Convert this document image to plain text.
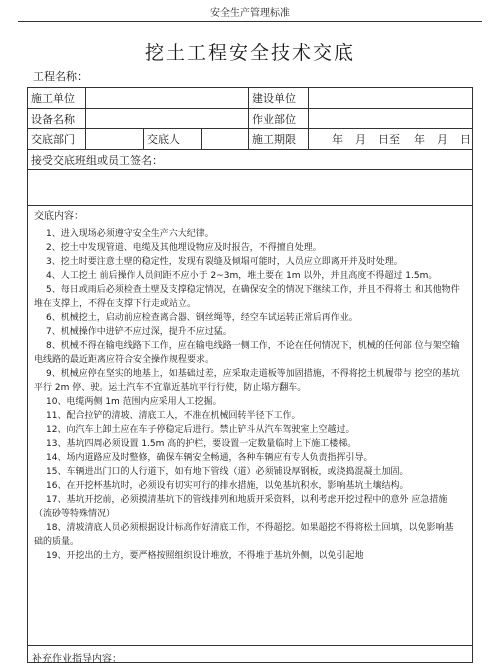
安全生产管理标准
挖土工程安全技术交底
工程名称：
施工单位	建设单位
设备名称	作业部位
交底部门	交底人	施工期限	年 月 日至 年 月 日
接受交底班组或员工签名：
交底内容：

1、进入现场必须遵守安全生产六大纪律。

2、挖土中发现管道、电缆及其他埋设物应及时报告，不得擅自处理。

3、挖土时要注意土壁的稳定性，发现有裂缝及倾塌可能时，人员应立即离开并及时处理。

4、人工挖土 前后操作人员间距不应小于 2~3m，堆土要在 1m 以外，并且高度不得超过 1.5m。

5、每日或雨后必须检查土壁及支撑稳定情况，在确保安全的情况下继续工作，并且不得将土 和其他物件堆在支撑上，不得在支撑下行走或站立。

6、机械挖土，启动前应检查离合器、钢丝绳等，经空车试运转正常后再作业。

7、机械操作中进铲不应过深，提升不应过猛。

8、机械不得在输电线路下工作，应在输电线路一侧工作，不论在任何情况下，机械的任何部 位与架空输电线路的最近距离应符合安全操作规程要求。

9、机械应停在坚实的地基上，如基础过差，应采取走道板等加固措施，不得将挖土机履带与 挖空的基坑平行 2m 停、驶。运土汽车不宜靠近基坑平行行使，防止塌方翻车。

10、电缆两侧 1m 范围内应采用人工挖掘。

11、配合拉铲的清坡、清底工人，不准在机械回转半径下工作。

12、向汽车上卸土应在车子停稳定后进行。禁止铲斗从汽车驾驶室上空越过。

13、基坑四周必须设置 1.5m 高的护栏，要设置一定数量临时上下施工楼梯。

14、场内道路应及时整修，确保车辆安全畅通，各种车辆应有专人负责指挥引导。

15、车辆进出门口的人行道下，如有地下管线（道）必须铺设厚钢板，或浇捣混凝土加固。

16、在开挖杯基坑时，必须设有切实可行的排水措施，以免基坑积水，影响基坑土壤结构。

17、基坑开挖前，必须摸清基坑下的管线排列和地质开采资料，以利考虑开挖过程中的意外 应急措施（流砂等特殊情况）

18、清坡清底人员必须根据设计标高作好清底工作，不得超挖。如果超挖不得将松土回填，以免影响基础的质量。

19、开挖出的土方，要严格按照组织设计堆放，不得堆于基坑外侧，以免引起地

补充作业指导内容：
